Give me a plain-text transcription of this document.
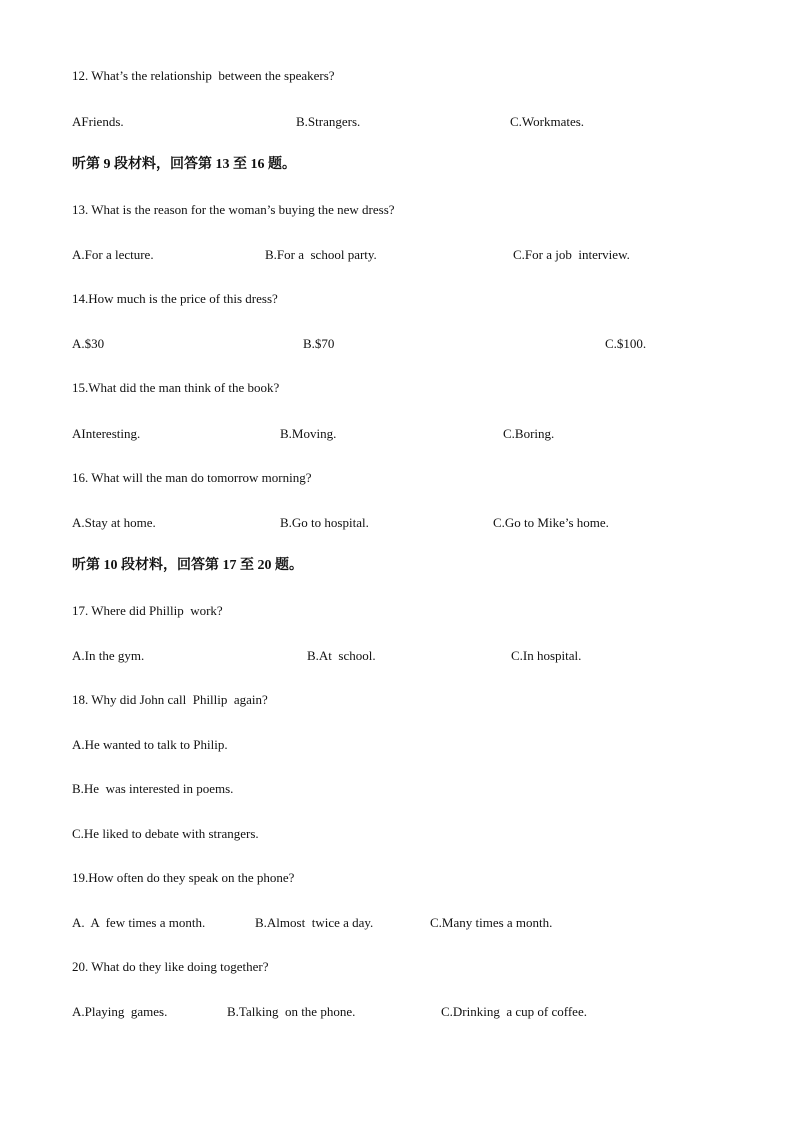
12. What’s the relationship  between the speakers?
AFriends.	B.Strangers.	C.Workmates.
听第 9 段材料，回答第 13 至 16 题。
13. What is the reason for the woman’s buying the new dress?
A.For a lecture.	B.For a  school party.	C.For a job  interview.
14.How much is the price of this dress?
A.$30	B.$70	C.$100.
15.What did the man think of the book?
AInteresting.	B.Moving.	C.Boring.
16. What will the man do tomorrow morning?
A.Stay at home.	B.Go to hospital.	C.Go to Mike’s home.
听第 10 段材料，回答第 17 至 20 题。
17. Where did Phillip  work?
A.In the gym.	B.At  school.	C.In hospital.
18. Why did John call  Phillip  again?
A.He wanted to talk to Philip.
B.He  was interested in poems.
C.He liked to debate with strangers.
19.How often do they speak on the phone?
A.  A  few times a month.	B.Almost  twice a day.	C.Many times a month.
20. What do they like doing together?
A.Playing  games.	B.Talking  on the phone.	C.Drinking  a cup of coffee.
